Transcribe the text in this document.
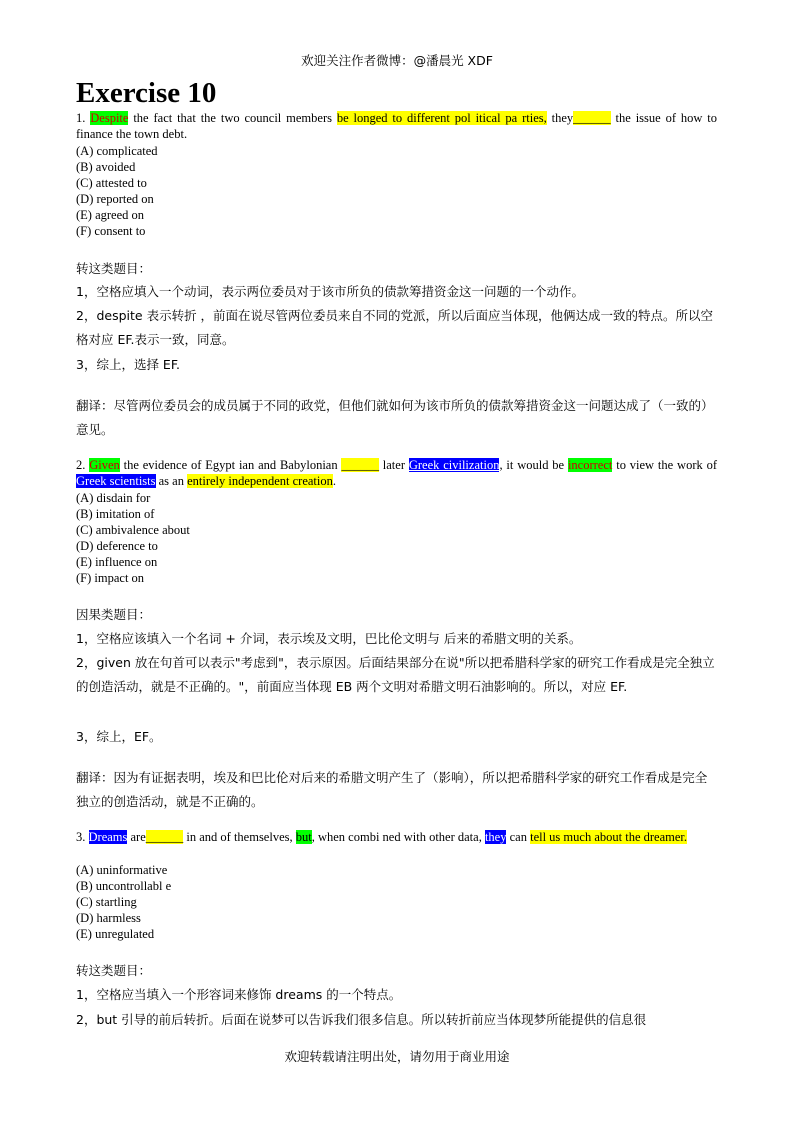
欢迎关注作者微博：@潘晨光 XDF
Exercise 10
1. Despite the fact that the two council members be longed to different pol itical pa rties, they______ the issue of how to finance the town debt.
(A) complicated
(B) avoided
(C) attested to
(D) reported on
(E) agreed on
(F) consent to
转这类题目：
1，空格应填入一个动词，表示两位委员对于该市所负的债款筹措资金这一问题的一个动作。
2，despite 表示转折 ，前面在说尽管两位委员来自不同的党派，所以后面应当体现，他俩达成一致的特点。所以空格对应 EF.表示一致，同意。
3，综上，选择 EF.
翻译：尽管两位委员会的成员属于不同的政党，但他们就如何为该市所负的债款筹措资金这一问题达成了（一致的）意见。
2. Given the evidence of Egypt ian and Babylonian ______ later Greek civilization, it would be incorrect to view the work of Greek scientists as an entirely independent creation.
(A) disdain for
(B) imitation of
(C) ambivalence about
(D) deference to
(E) influence on
(F) impact on
因果类题目：
1，空格应该填入一个名词 + 介词，表示埃及文明，巴比伦文明与 后来的希腊文明的关系。
2，given 放在句首可以表示"考虑到"，表示原因。后面结果部分在说"所以把希腊科学家的研究工作看成是完全独立的创造活动，就是不正确的。"，前面应当体现 EB 两个文明对希腊文明石油影响的。所以，对应 EF.
3，综上，EF。
翻译：因为有证据表明，埃及和巴比伦对后来的希腊文明产生了（影响），所以把希腊科学家的研究工作看成是完全独立的创造活动，就是不正确的。
3. Dreams are______ in and of themselves, but, when combi ned with other data, they can tell us much about the dreamer.
(A) uninformative
(B) uncontrollabl e
(C) startling
(D) harmless
(E) unregulated
转这类题目：
1，空格应当填入一个形容词来修饰 dreams 的一个特点。
2，but 引导的前后转折。后面在说梦可以告诉我们很多信息。所以转折前应当体现梦所能提供的信息很
欢迎转载请注明出处，请勿用于商业用途
